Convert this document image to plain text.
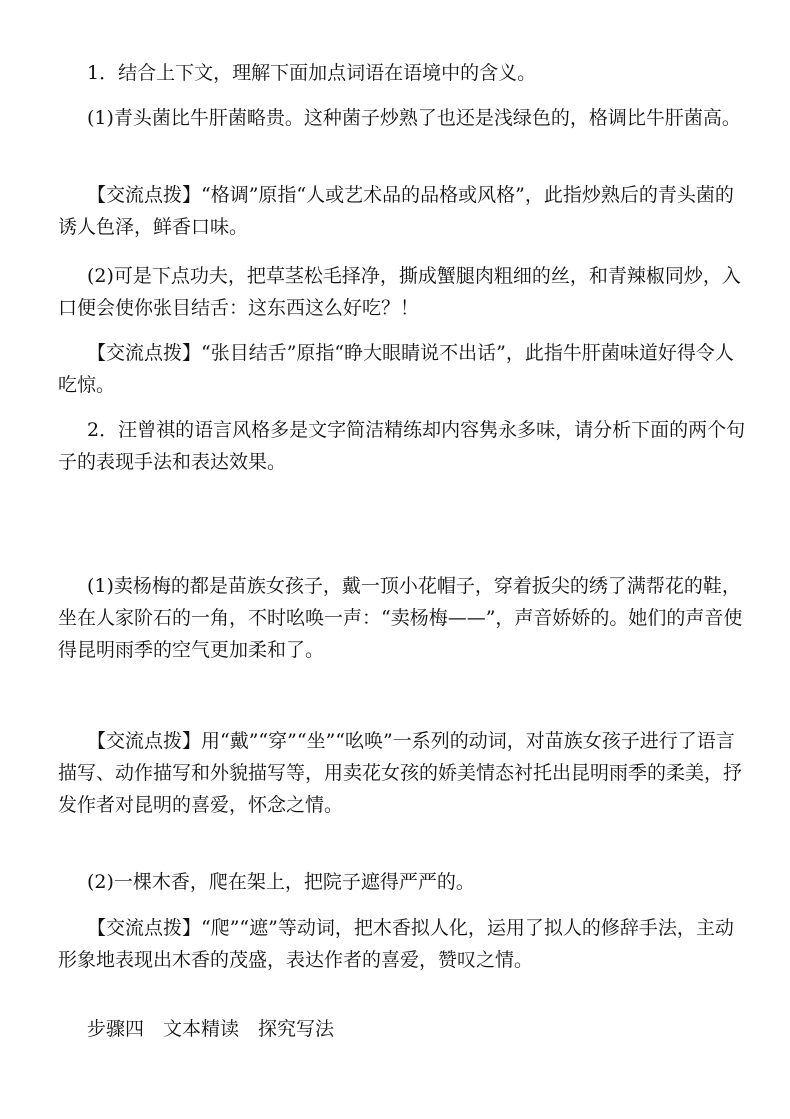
1．结合上下文，理解下面加点词语在语境中的含义。

(1)青头菌比牛肝菌略贵。这种菌子炒熟了也还是浅绿色的，格调比牛肝菌高。

【交流点拨】“格调”原指“人或艺术品的品格或风格”，此指炒熟后的青头菌的诱人色泽，鲜香口味。

(2)可是下点功夫，把草茎松毛择净，撕成蟹腿肉粗细的丝，和青辣椒同炒，入口便会使你张目结舌：这东西这么好吃？！

【交流点拨】“张目结舌”原指“睁大眼睛说不出话”，此指牛肝菌味道好得令人吃惊。

2．汪曾祺的语言风格多是文字简洁精练却内容隽永多味，请分析下面的两个句子的表现手法和表达效果。

(1)卖杨梅的都是苗族女孩子，戴一顶小花帽子，穿着扳尖的绣了满帮花的鞋，坐在人家阶石的一角，不时吆唤一声：“卖杨梅——”，声音娇娇的。她们的声音使得昆明雨季的空气更加柔和了。

【交流点拨】用“戴”“穿”“坐”“吆唤”一系列的动词，对苗族女孩子进行了语言描写、动作描写和外貌描写等，用卖花女孩的娇美情态衬托出昆明雨季的柔美，抒发作者对昆明的喜爱，怀念之情。

(2)一棵木香，爬在架上，把院子遮得严严的。

【交流点拨】“爬”“遮”等动词，把木香拟人化，运用了拟人的修辞手法，主动形象地表现出木香的茂盛，表达作者的喜爱，赞叹之情。

步骤四　文本精读　探究写法
